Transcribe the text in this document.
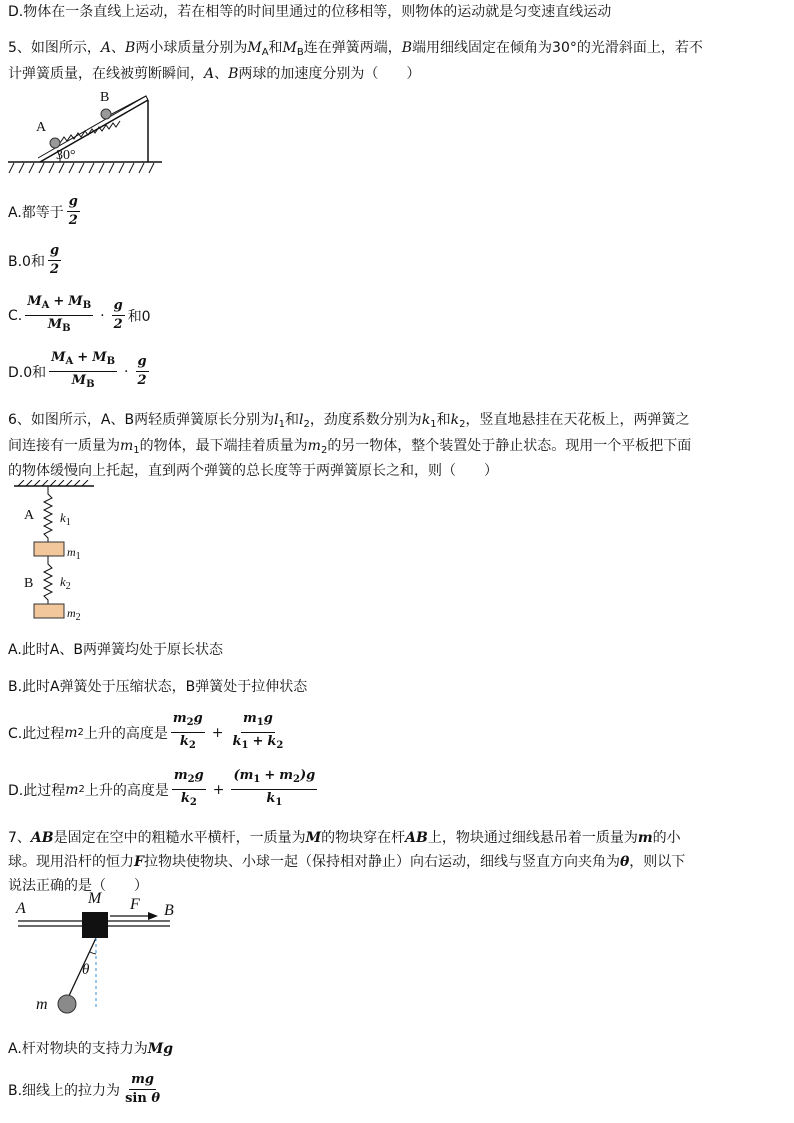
D.物体在一条直线上运动，若在相等的时间里通过的位移相等，则物体的运动就是匀变速直线运动
5、如图所示，A、B两小球质量分别为$M_A$和$M_B$连在弹簧两端，B端用细线固定在倾角为30°的光滑斜面上，若不
计弹簧质量，在线被剪断瞬间，A、B两球的加速度分别为（　　）
A
B
30°
A.都等于 $\frac{g}{2}$
B.0和 $\frac{g}{2}$
C. $\frac{M_A + M_B}{M_B} \cdot \frac{g}{2}$ 和0
D.0和 $\frac{M_A + M_B}{M_B} \cdot \frac{g}{2}$
6、如图所示，A、B两轻质弹簧原长分别为$l_1$和$l_2$，劲度系数分别为$k_1$和$k_2$，竖直地悬挂在天花板上，两弹簧之
间连接有一质量为$m_1$的物体，最下端挂着质量为$m_2$的另一物体，整个装置处于静止状态。现用一个平板把下面
的物体缓慢向上托起，直到两个弹簧的总长度等于两弹簧原长之和，则（　　）
A $k_1$
$m_1$
B $k_2$
$m_2$
A.此时A、B两弹簧均处于原长状态
B.此时A弹簧处于压缩状态，B弹簧处于拉伸状态
C.此过程 m 2 上升的高度是 $\frac{m_2g}{k_2} + \frac{m_1g}{k_1 + k_2}$
D.此过程 m 2 上升的高度是 $\frac{m_2g}{k_2} + \frac{(m_1 + m_2)g}{k_1}$
7、AB是固定在空中的粗糙水平横杆，一质量为M的物块穿在杆AB上，物块通过细线悬吊着一质量为m的小
球。现用沿杆的恒力F拉物块使物块、小球一起（保持相对静止）向右运动，细线与竖直方向夹角为θ，则以下
说法正确的是（　　）
A
M F B
θ
m
A.杆对物块的支持力为Mg
B.细线上的拉力为 $\frac{mg}{\text{sin θ}}$
